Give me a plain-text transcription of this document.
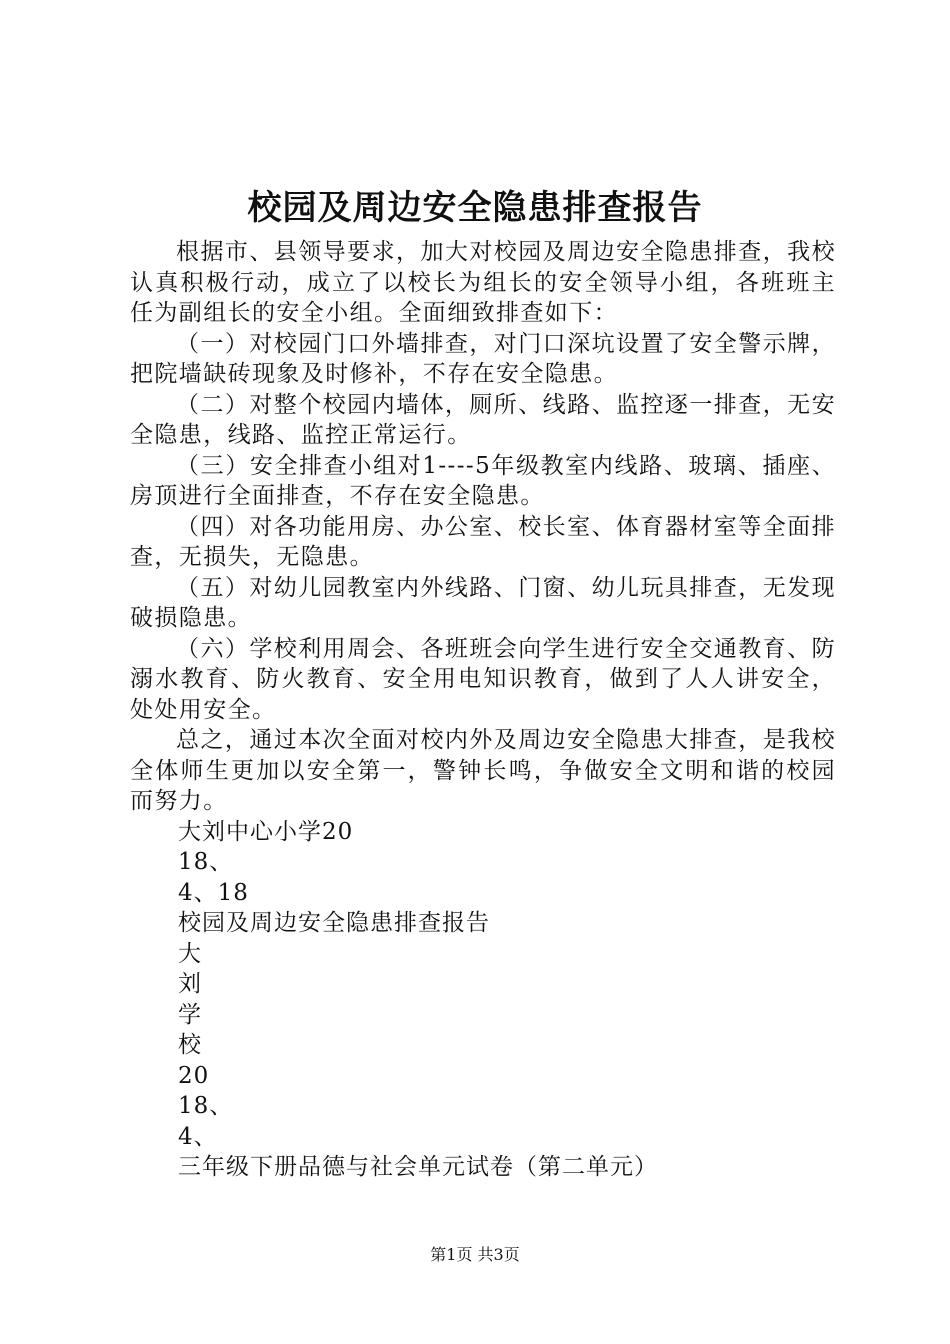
校园及周边安全隐患排查报告

根据市、县领导要求，加大对校园及周边安全隐患排查，我校认真积极行动，成立了以校长为组长的安全领导小组，各班班主任为副组长的安全小组。全面细致排查如下：

（一）对校园门口外墙排查，对门口深坑设置了安全警示牌，把院墙缺砖现象及时修补，不存在安全隐患。

（二）对整个校园内墙体，厕所、线路、监控逐一排查，无安全隐患，线路、监控正常运行。

（三）安全排查小组对1----5年级教室内线路、玻璃、插座、房顶进行全面排查，不存在安全隐患。

（四）对各功能用房、办公室、校长室、体育器材室等全面排查，无损失，无隐患。

（五）对幼儿园教室内外线路、门窗、幼儿玩具排查，无发现破损隐患。

（六）学校利用周会、各班班会向学生进行安全交通教育、防溺水教育、防火教育、安全用电知识教育，做到了人人讲安全，处处用安全。

总之，通过本次全面对校内外及周边安全隐患大排查，是我校全体师生更加以安全第一，警钟长鸣，争做安全文明和谐的校园而努力。

大刘中心小学20

18、

4、18

校园及周边安全隐患排查报告

大

刘

学

校

20

18、

4、

三年级下册品德与社会单元试卷（第二单元）

第1页 共3页
